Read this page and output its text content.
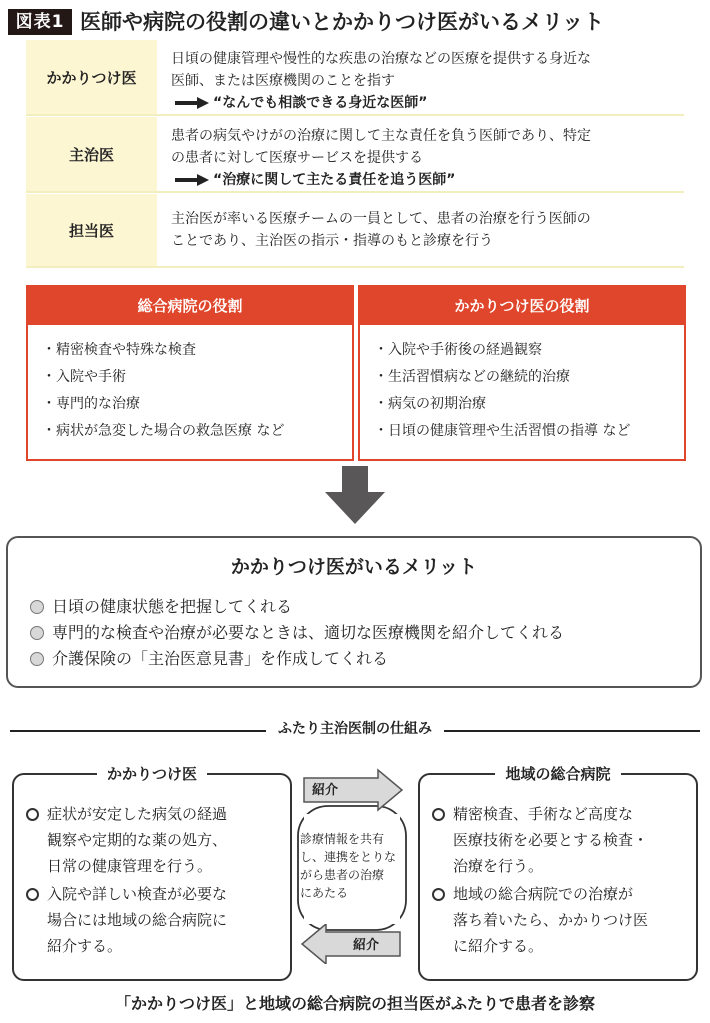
図表1 医師や病院の役割の違いとかかりつけ医がいるメリット
かかりつけ医
日頃の健康管理や慢性的な疾患の治療などの医療を提供する身近な
医師、または医療機関のことを指す
“なんでも相談できる身近な医師”
主治医
患者の病気やけがの治療に関して主な責任を負う医師であり、特定
の患者に対して医療サービスを提供する
“治療に関して主たる責任を追う医師”
担当医
主治医が率いる医療チームの一員として、患者の治療を行う医師の
ことであり、主治医の指示・指導のもと診療を行う
総合病院の役割
・精密検査や特殊な検査
・入院や手術
・専門的な治療
・病状が急変した場合の救急医療 など
かかりつけ医の役割
・入院や手術後の経過観察
・生活習慣病などの継続的治療
・病気の初期治療
・日頃の健康管理や生活習慣の指導 など
かかりつけ医がいるメリット
日頃の健康状態を把握してくれる
専門的な検査や治療が必要なときは、適切な医療機関を紹介してくれる
介護保険の「主治医意見書」を作成してくれる
ふたり主治医制の仕組み
かかりつけ医
症状が安定した病気の経過
観察や定期的な薬の処方、
日常の健康管理を行う。
入院や詳しい検査が必要な
場合には地域の総合病院に
紹介する。
地域の総合病院
精密検査、手術など高度な
医療技術を必要とする検査・
治療を行う。
地域の総合病院での治療が
落ち着いたら、かかりつけ医
に紹介する。
紹介
紹介
診療情報を共有
し、連携をとりな
がら患者の治療
にあたる
「かかりつけ医」と地域の総合病院の担当医がふたりで患者を診察
